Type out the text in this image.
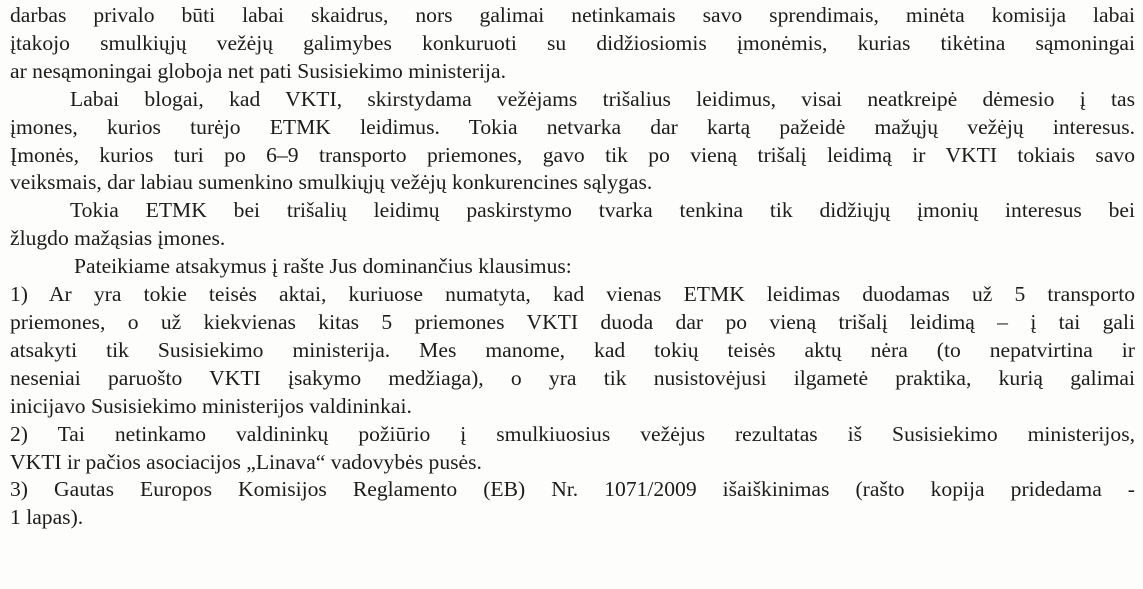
darbas privalo būti labai skaidrus, nors galimai netinkamais savo sprendimais, minėta komisija labai
įtakojo smulkiųjų vežėjų galimybes konkuruoti su didžiosiomis įmonėmis, kurias tikėtina sąmoningai
ar nesąmoningai globoja net pati Susisiekimo ministerija.
Labai blogai, kad VKTI, skirstydama vežėjams trišalius leidimus, visai neatkreipė dėmesio į tas
įmones, kurios turėjo ETMK leidimus. Tokia netvarka dar kartą pažeidė mažųjų vežėjų interesus.
Įmonės, kurios turi po 6–9 transporto priemones, gavo tik po vieną trišalį leidimą ir VKTI tokiais savo
veiksmais, dar labiau sumenkino smulkiųjų vežėjų konkurencines sąlygas.
Tokia ETMK bei trišalių leidimų paskirstymo tvarka tenkina tik didžiųjų įmonių interesus bei
žlugdo mažąsias įmones.
Pateikiame atsakymus į rašte Jus dominančius klausimus:
1) Ar yra tokie teisės aktai, kuriuose numatyta, kad vienas ETMK leidimas duodamas už 5 transporto
priemones, o už kiekvienas kitas 5 priemones VKTI duoda dar po vieną trišalį leidimą – į tai gali
atsakyti tik Susisiekimo ministerija. Mes manome, kad tokių teisės aktų nėra (to nepatvirtina ir
neseniai paruošto VKTI įsakymo medžiaga), o yra tik nusistovėjusi ilgametė praktika, kurią galimai
inicijavo Susisiekimo ministerijos valdininkai.
2) Tai netinkamo valdininkų požiūrio į smulkiuosius vežėjus rezultatas iš Susisiekimo ministerijos,
VKTI ir pačios asociacijos „Linava“ vadovybės pusės.
3) Gautas Europos Komisijos Reglamento (EB) Nr. 1071/2009 išaiškinimas (rašto kopija pridedama -
1 lapas).
